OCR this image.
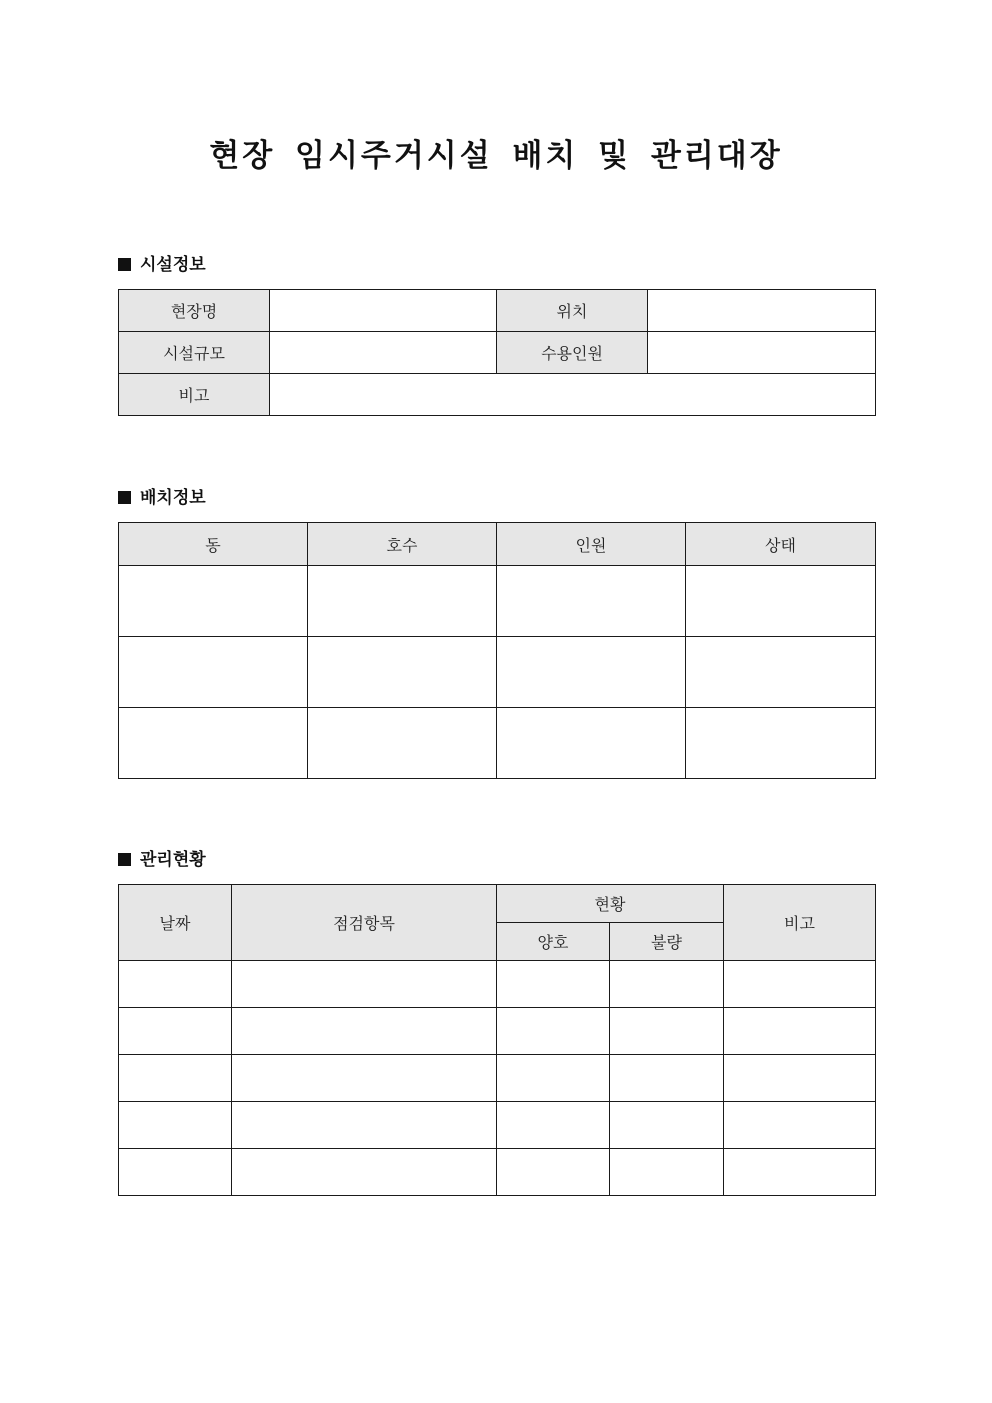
현장 임시주거시설 배치 및 관리대장
시설정보
현장명		위치	
시설규모		수용인원	
비고			
배치정보
동	호수	인원	상태

관리현황
날짜	점검항목	현황		비고
		양호	불량	
